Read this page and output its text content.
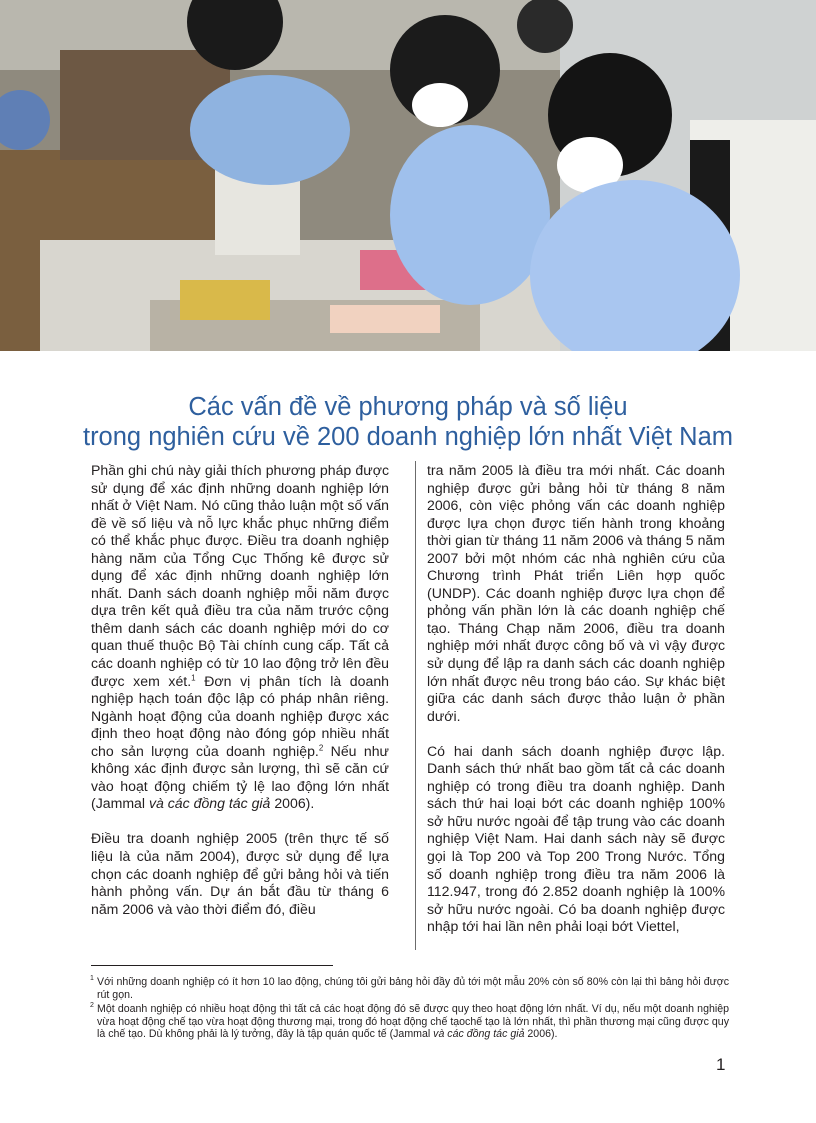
Các vấn đề về phương pháp và số liệu
trong nghiên cứu về 200 doanh nghiệp lớn nhất Việt Nam

Phần ghi chú này giải thích phương pháp được sử dụng để xác định những doanh nghiệp lớn nhất ở Việt Nam. Nó cũng thảo luận một số vấn đề về số liệu và nỗ lực khắc phục những điểm có thể khắc phục được. Điều tra doanh nghiệp hàng năm của Tổng Cục Thống kê được sử dụng để xác định những doanh nghiệp lớn nhất. Danh sách doanh nghiệp mỗi năm được dựa trên kết quả điều tra của năm trước cộng thêm danh sách các doanh nghiệp mới do cơ quan thuế thuộc Bộ Tài chính cung cấp. Tất cả các doanh nghiệp có từ 10 lao động trở lên đều được xem xét.$^1$ Đơn vị phân tích là doanh nghiệp hạch toán độc lập có pháp nhân riêng. Ngành hoạt động của doanh nghiệp được xác định theo hoạt động nào đóng góp nhiều nhất cho sản lượng của doanh nghiệp.$^2$ Nếu như không xác định được sản lượng, thì sẽ căn cứ vào hoạt động chiếm tỷ lệ lao động lớn nhất (Jammal và các đồng tác giả 2006).

Điều tra doanh nghiệp 2005 (trên thực tế số liệu là của năm 2004), được sử dụng để lựa chọn các doanh nghiệp để gửi bảng hỏi và tiến hành phỏng vấn. Dự án bắt đầu từ tháng 6 năm 2006 và vào thời điểm đó, điều

tra năm 2005 là điều tra mới nhất. Các doanh nghiệp được gửi bảng hỏi từ tháng 8 năm 2006, còn việc phỏng vấn các doanh nghiệp được lựa chọn được tiến hành trong khoảng thời gian từ tháng 11 năm 2006 và tháng 5 năm 2007 bởi một nhóm các nhà nghiên cứu của Chương trình Phát triển Liên hợp quốc (UNDP). Các doanh nghiệp được lựa chọn để phỏng vấn phần lớn là các doanh nghiệp chế tạo. Tháng Chạp năm 2006, điều tra doanh nghiệp mới nhất được công bố và vì vậy được sử dụng để lập ra danh sách các doanh nghiệp lớn nhất được nêu trong báo cáo. Sự khác biệt giữa các danh sách được thảo luận ở phần dưới.

Có hai danh sách doanh nghiệp được lập. Danh sách thứ nhất bao gồm tất cả các doanh nghiệp có trong điều tra doanh nghiệp. Danh sách thứ hai loại bớt các doanh nghiệp 100% sở hữu nước ngoài để tập trung vào các doanh nghiệp Việt Nam. Hai danh sách này sẽ được gọi là Top 200 và Top 200 Trong Nước. Tổng số doanh nghiệp trong điều tra năm 2006 là 112.947, trong đó 2.852 doanh nghiệp là 100% sở hữu nước ngoài. Có ba doanh nghiệp được nhập tới hai lần nên phải loại bớt Viettel,

1 Với những doanh nghiệp có ít hơn 10 lao động, chúng tôi gửi bảng hỏi đầy đủ tới một mẫu 20% còn số 80% còn lại thì bảng hỏi được rút gọn.

2 Một doanh nghiệp có nhiều hoạt động thì tất cả các hoạt động đó sẽ được quy theo hoạt động lớn nhất. Ví dụ, nếu một doanh nghiệp vừa hoạt động chế tạo vừa hoạt động thương mại, trong đó hoạt động chế tạochế tạo là lớn nhất, thì phần thương mại cũng được quy là chế tạo. Dù không phải là lý tưởng, đây là tập quán quốc tế (Jammal và các đồng tác giả 2006).

1
